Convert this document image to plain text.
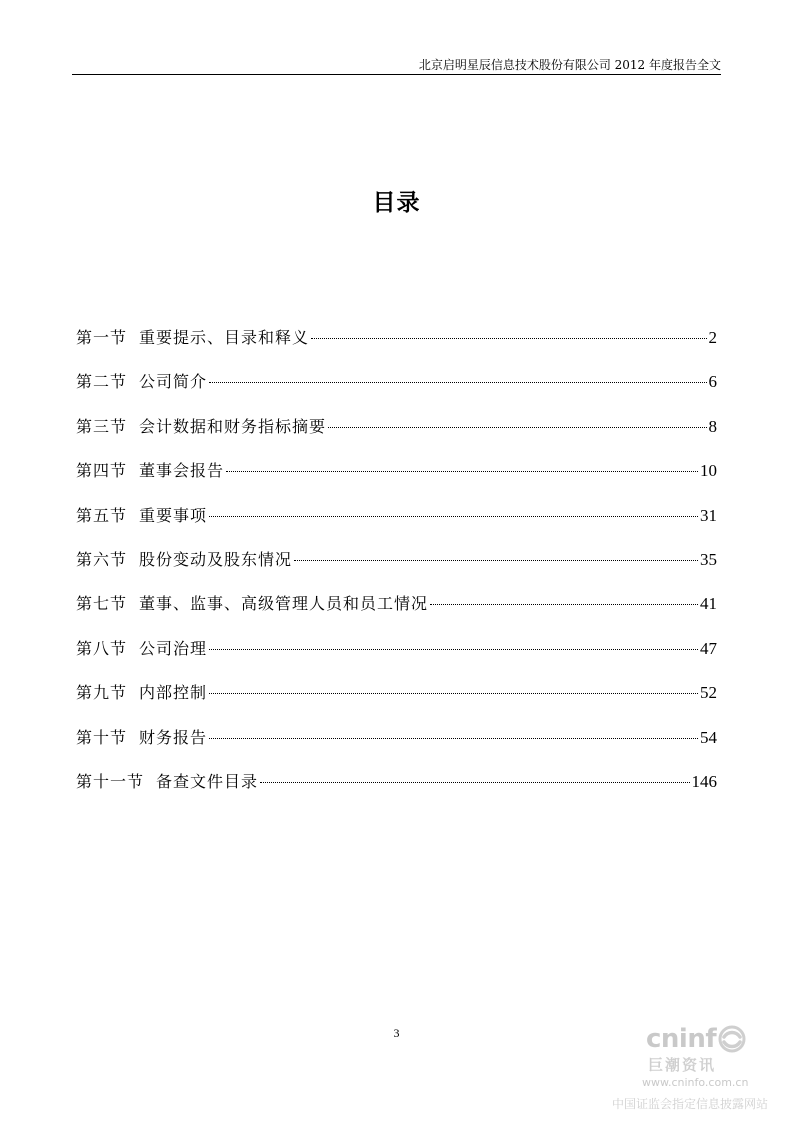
北京启明星辰信息技术股份有限公司 2012 年度报告全文
目录
第一节 重要提示、目录和释义	2
第二节 公司简介	6
第三节 会计数据和财务指标摘要	8
第四节 董事会报告	10
第五节 重要事项	31
第六节 股份变动及股东情况	35
第七节 董事、监事、高级管理人员和员工情况	41
第八节 公司治理	47
第九节 内部控制	52
第十节 财务报告	54
第十一节 备查文件目录	146
3	cninf
巨潮资讯
www.cninfo.com.cn
中国证监会指定信息披露网站
